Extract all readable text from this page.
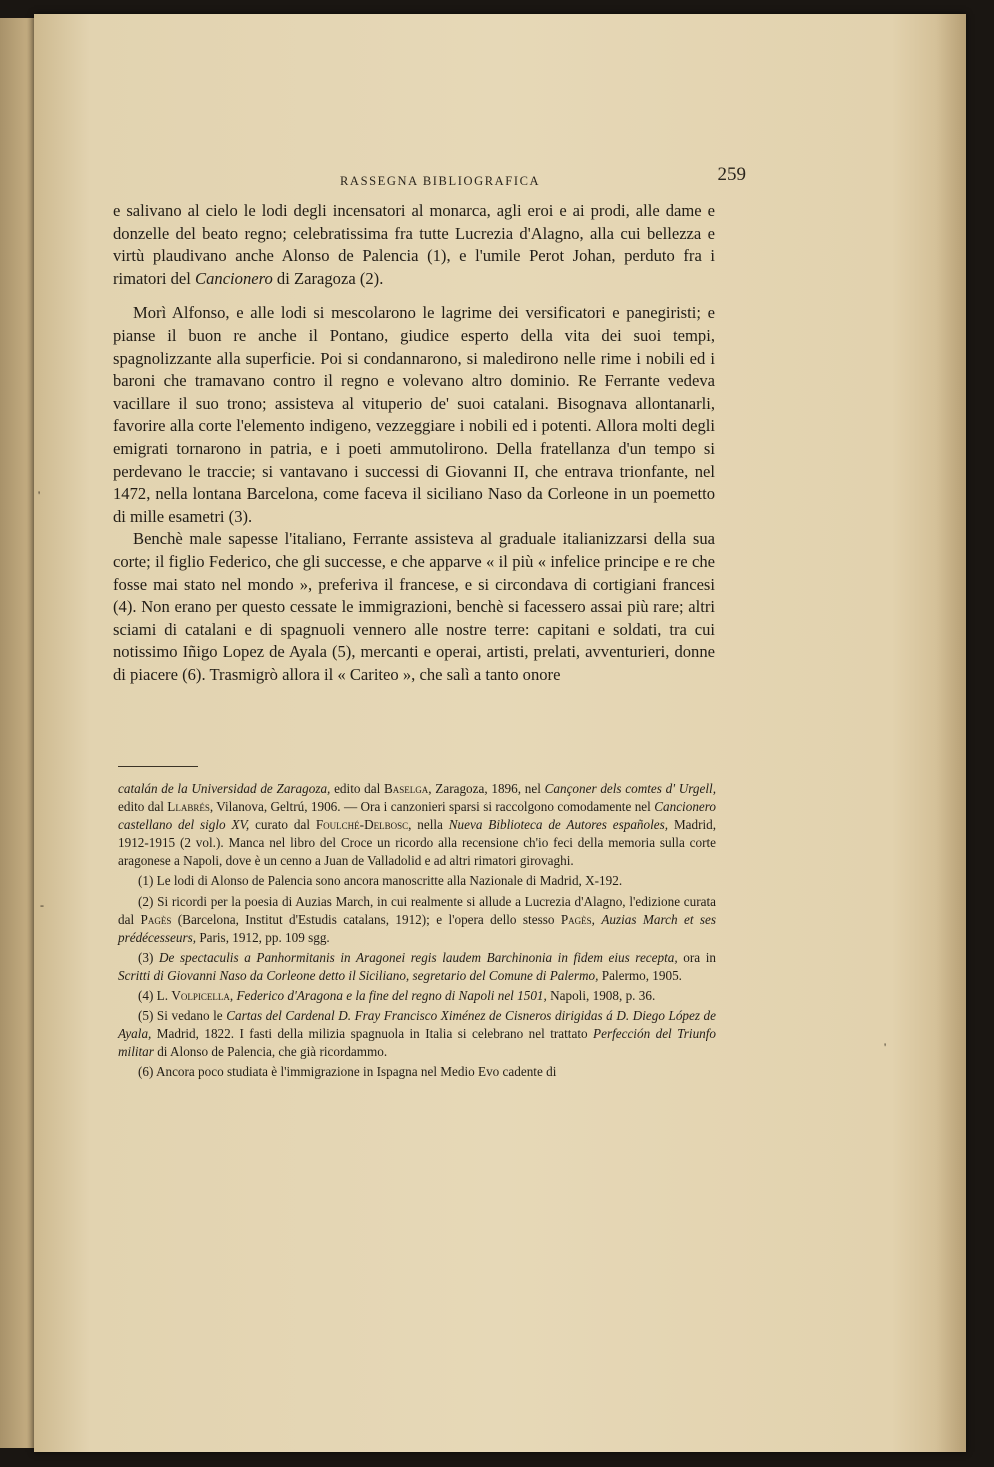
RASSEGNA BIBLIOGRAFICA	259

e salivano al cielo le lodi degli incensatori al monarca, agli eroi e ai prodi, alle dame e donzelle del beato regno; celebratissima fra tutte Lucrezia d'Alagno, alla cui bellezza e virtù plaudivano anche Alonso de Palencia (1), e l'umile Perot Johan, perduto fra i rimatori del Cancionero di Zaragoza (2).

Morì Alfonso, e alle lodi si mescolarono le lagrime dei versificatori e panegiristi; e pianse il buon re anche il Pontano, giudice esperto della vita dei suoi tempi, spagnolizzante alla superficie. Poi si condannarono, si maledirono nelle rime i nobili ed i baroni che tramavano contro il regno e volevano altro dominio. Re Ferrante vedeva vacillare il suo trono; assisteva al vituperio de' suoi catalani. Bisognava allontanarli, favorire alla corte l'elemento indigeno, vezzeggiare i nobili ed i potenti. Allora molti degli emigrati tornarono in patria, e i poeti ammutolirono. Della fratellanza d'un tempo si perdevano le traccie; si vantavano i successi di Giovanni II, che entrava trionfante, nel 1472, nella lontana Barcelona, come faceva il siciliano Naso da Corleone in un poemetto di mille esametri (3).

Benchè male sapesse l'italiano, Ferrante assisteva al graduale italianizzarsi della sua corte; il figlio Federico, che gli successe, e che apparve « il più « infelice principe e re che fosse mai stato nel mondo », preferiva il francese, e si circondava di cortigiani francesi (4). Non erano per questo cessate le immigrazioni, benchè si facessero assai più rare; altri sciami di catalani e di spagnuoli vennero alle nostre terre: capitani e soldati, tra cui notissimo Iñigo Lopez de Ayala (5), mercanti e operai, artisti, prelati, avventurieri, donne di piacere (6). Trasmigrò allora il « Cariteo », che salì a tanto onore

catalán de la Universidad de Zaragoza, edito dal Baselga, Zaragoza, 1896, nel Cançoner dels comtes d' Urgell, edito dal Llabrés, Vilanova, Geltrú, 1906. — Ora i canzonieri sparsi si raccolgono comodamente nel Cancionero castellano del siglo XV, curato dal Foulché-Delbosc, nella Nueva Biblioteca de Autores españoles, Madrid, 1912-1915 (2 vol.). Manca nel libro del Croce un ricordo alla recensione ch'io feci della memoria sulla corte aragonese a Napoli, dove è un cenno a Juan de Valladolid e ad altri rimatori girovaghi.

(1) Le lodi di Alonso de Palencia sono ancora manoscritte alla Nazionale di Madrid, X-192.

(2) Si ricordi per la poesia di Auzias March, in cui realmente si allude a Lucrezia d'Alagno, l'edizione curata dal Pagès (Barcelona, Institut d'Estudis catalans, 1912); e l'opera dello stesso Pagès, Auzias March et ses prédécesseurs, Paris, 1912, pp. 109 sgg.

(3) De spectaculis a Panhormitanis in Aragonei regis laudem Barchinonia in fidem eius recepta, ora in Scritti di Giovanni Naso da Corleone detto il Siciliano, segretario del Comune di Palermo, Palermo, 1905.

(4) L. Volpicella, Federico d'Aragona e la fine del regno di Napoli nel 1501, Napoli, 1908, p. 36.

(5) Si vedano le Cartas del Cardenal D. Fray Francisco Ximénez de Cisneros dirigidas á D. Diego López de Ayala, Madrid, 1822. I fasti della milizia spagnuola in Italia si celebrano nel trattato Perfección del Triunfo militar di Alonso de Palencia, che già ricordammo.

(6) Ancora poco studiata è l'immigrazione in Ispagna nel Medio Evo cadente di

'
-
'
